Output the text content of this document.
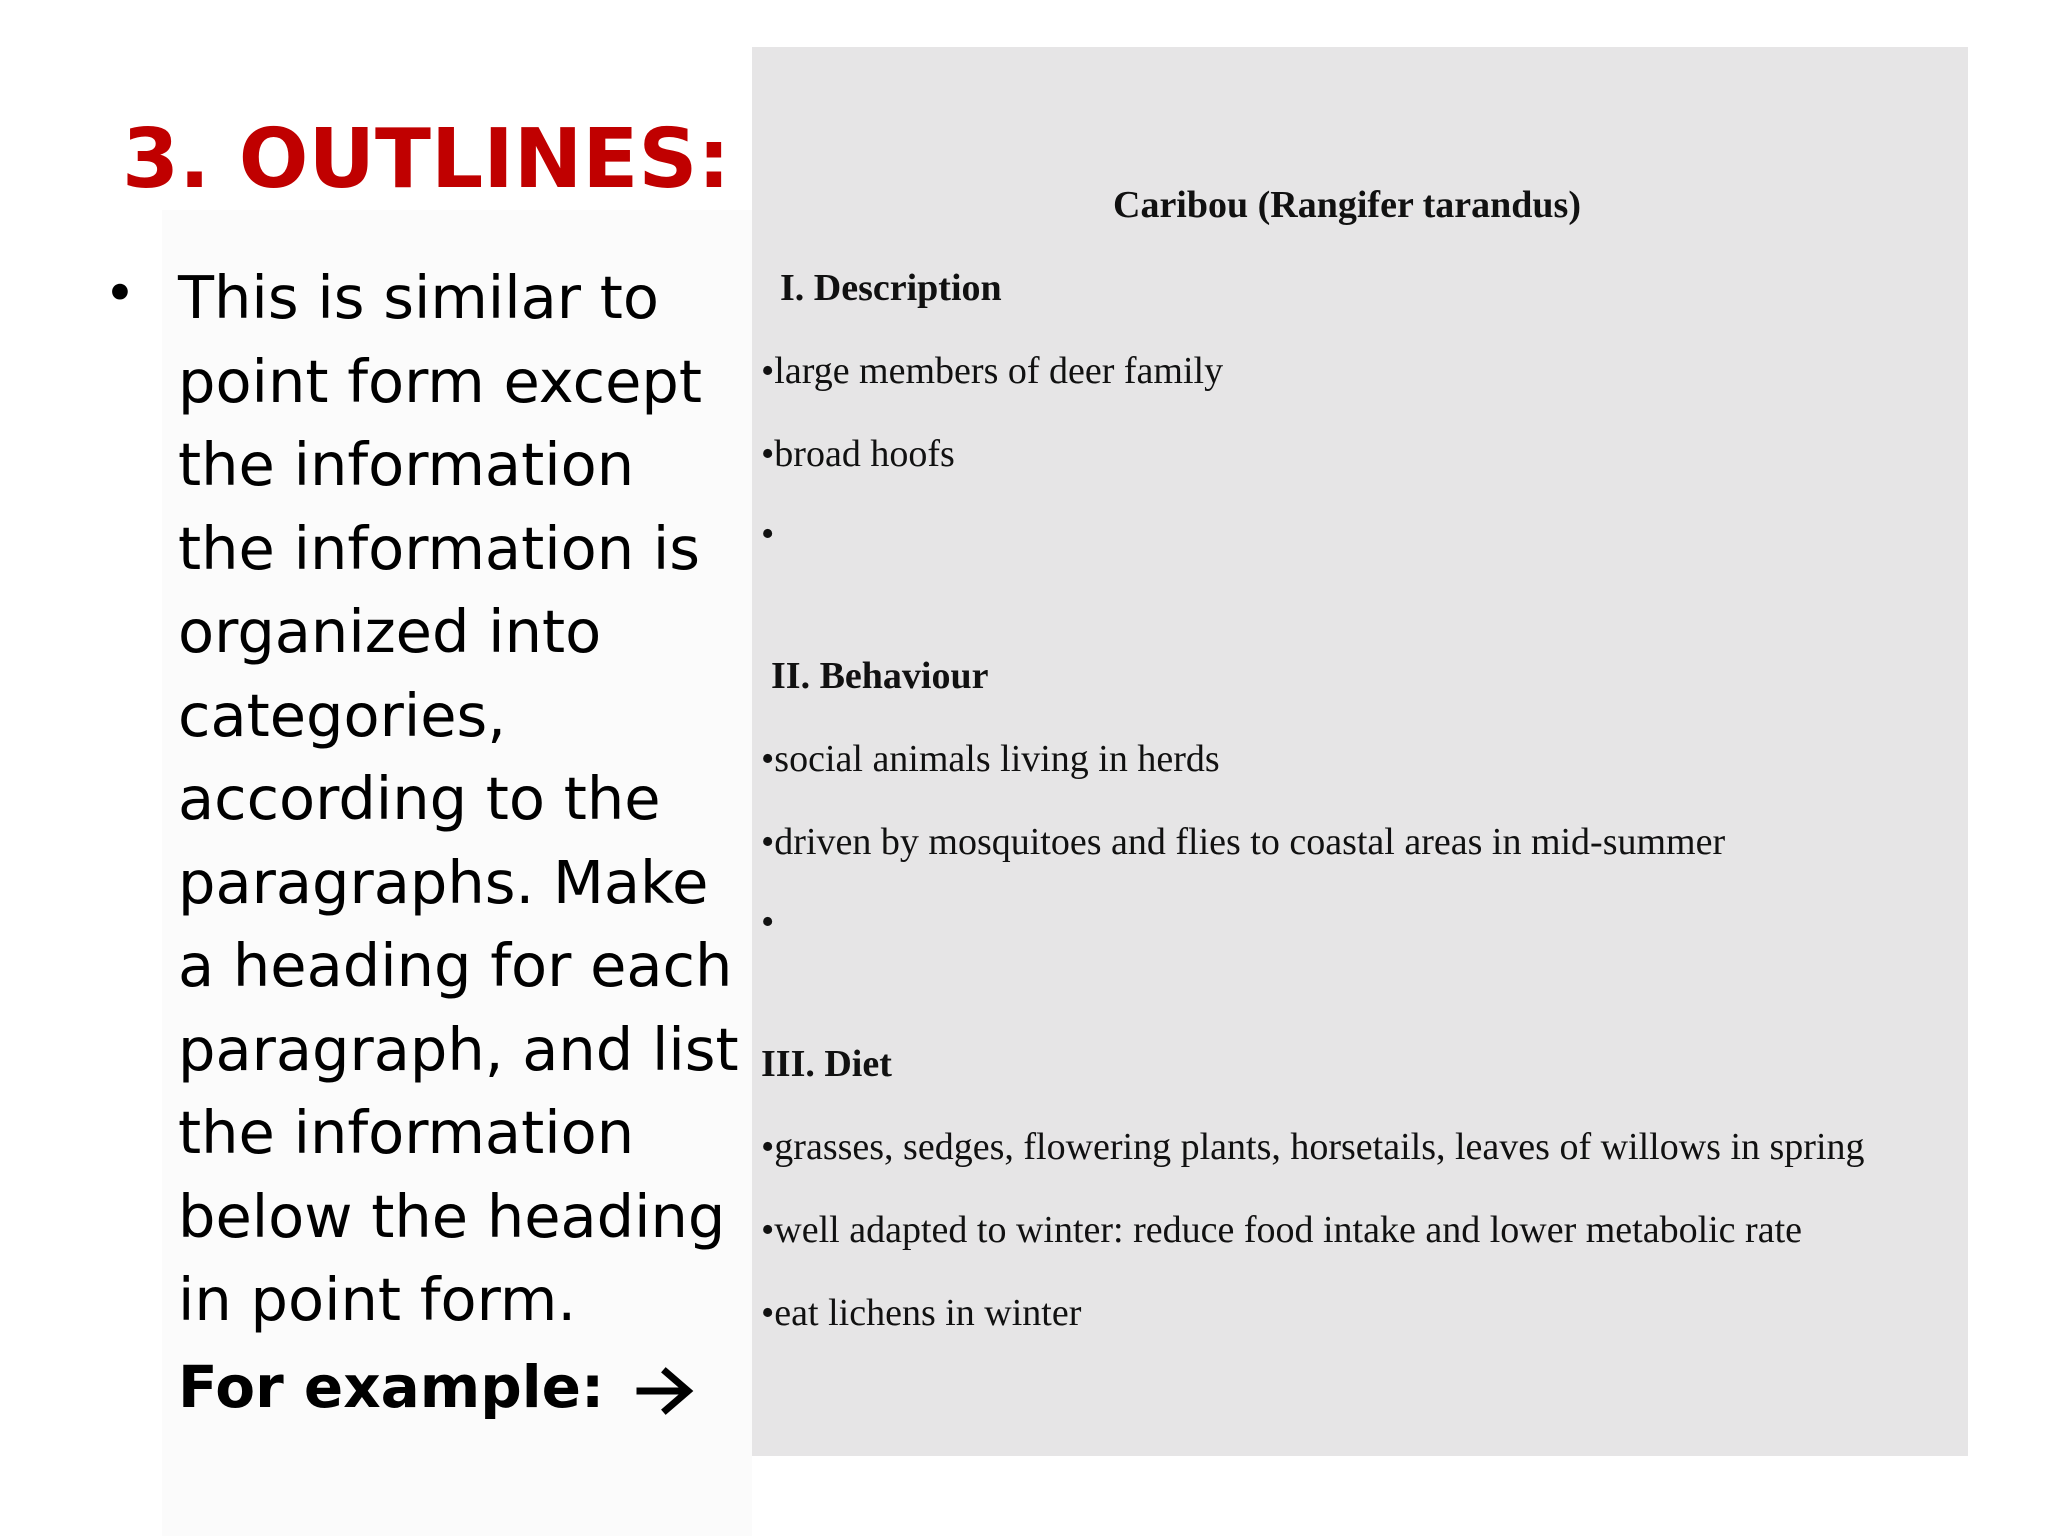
3. OUTLINES:
• This is similar to
point form except
the information
the information is
organized into
categories,
according to the
paragraphs. Make
a heading for each
paragraph, and list
the information
below the heading
in point form.
For example:
Caribou (Rangifer tarandus)
I. Description
•large members of deer family
•broad hoofs
•
II. Behaviour
•social animals living in herds
•driven by mosquitoes and flies to coastal areas in mid-summer
•
III. Diet
•grasses, sedges, flowering plants, horsetails, leaves of willows in spring
•well adapted to winter: reduce food intake and lower metabolic rate
•eat lichens in winter
